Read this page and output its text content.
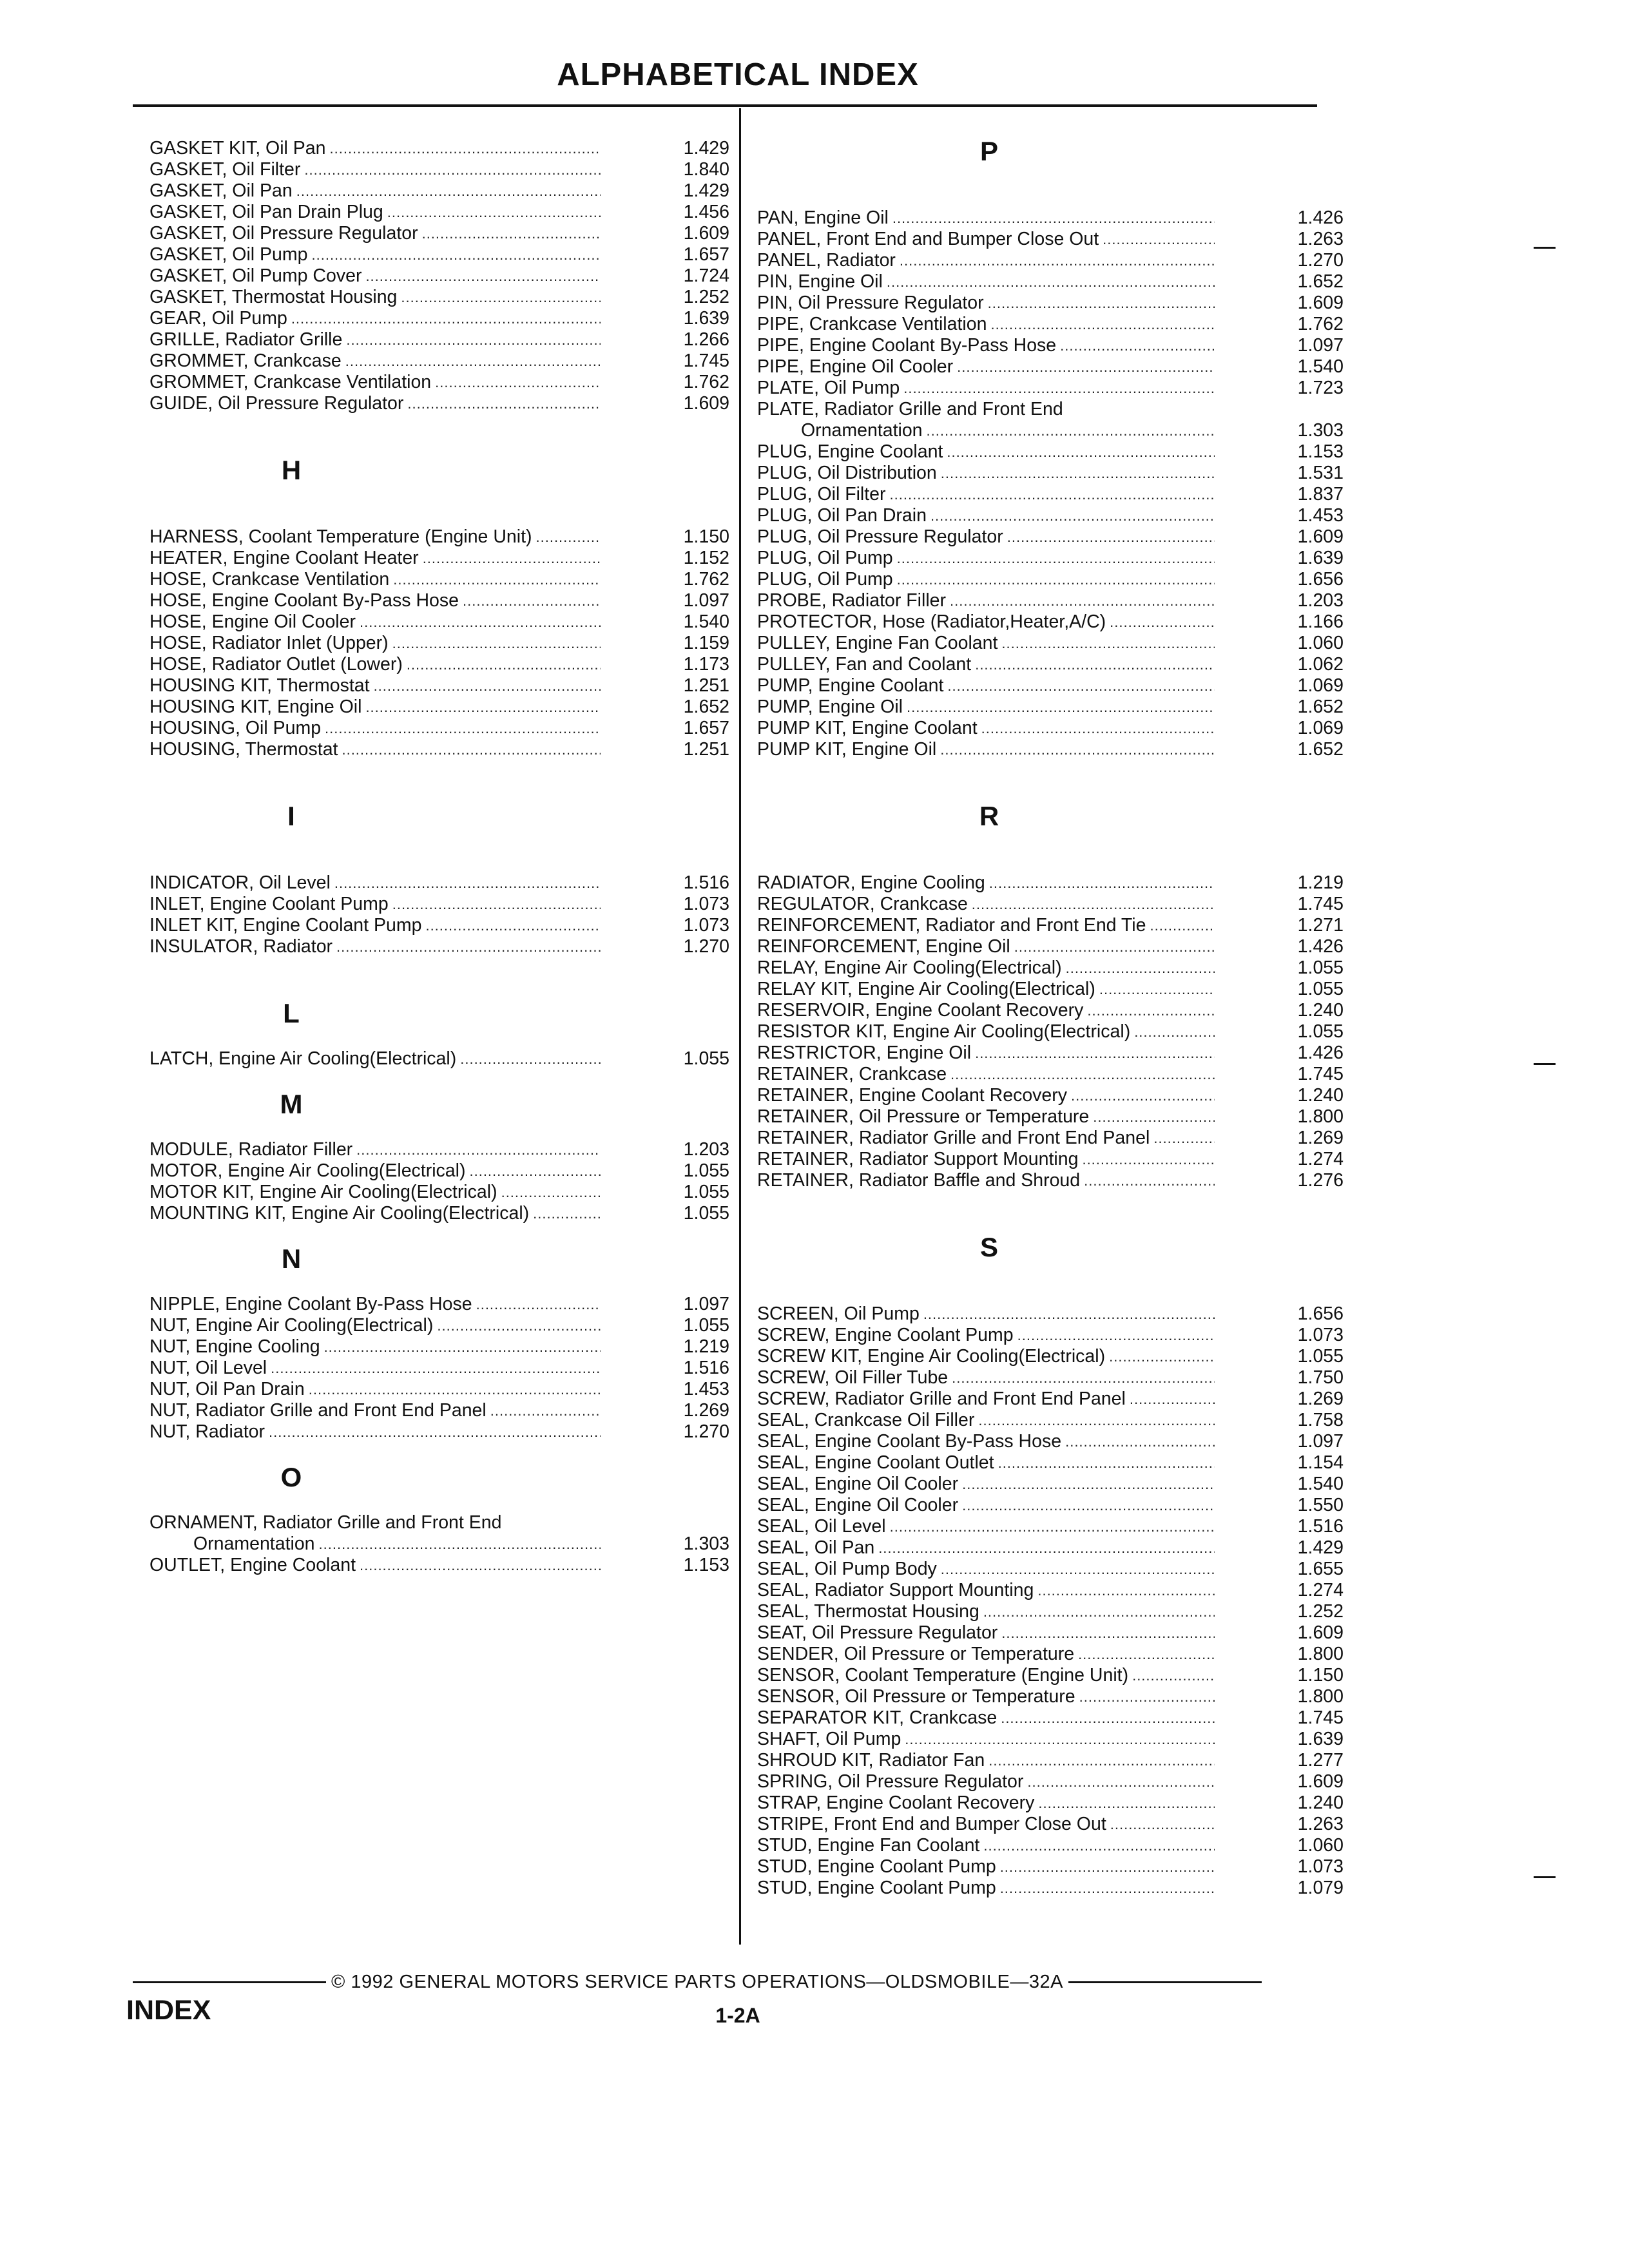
ALPHABETICAL INDEX
GASKET KIT, Oil Pan .....	1.429
GASKET, Oil Filter .....	1.840
GASKET, Oil Pan .....	1.429
GASKET, Oil Pan Drain Plug .....	1.456
GASKET, Oil Pressure Regulator .....	1.609
GASKET, Oil Pump .....	1.657
GASKET, Oil Pump Cover .....	1.724
GASKET, Thermostat Housing .....	1.252
GEAR, Oil Pump .....	1.639
GRILLE, Radiator Grille .....	1.266
GROMMET, Crankcase .....	1.745
GROMMET, Crankcase Ventilation .....	1.762
GUIDE, Oil Pressure Regulator .....	1.609
H
HARNESS, Coolant Temperature (Engine Unit) .....	1.150
HEATER, Engine Coolant Heater .....	1.152
HOSE, Crankcase Ventilation .....	1.762
HOSE, Engine Coolant By-Pass Hose .....	1.097
HOSE, Engine Oil Cooler .....	1.540
HOSE, Radiator Inlet (Upper) .....	1.159
HOSE, Radiator Outlet (Lower) .....	1.173
HOUSING KIT, Thermostat .....	1.251
HOUSING KIT, Engine Oil .....	1.652
HOUSING, Oil Pump .....	1.657
HOUSING, Thermostat .....	1.251
I
INDICATOR, Oil Level .....	1.516
INLET, Engine Coolant Pump .....	1.073
INLET KIT, Engine Coolant Pump .....	1.073
INSULATOR, Radiator .....	1.270
L
LATCH, Engine Air Cooling(Electrical) .....	1.055
M
MODULE, Radiator Filler .....	1.203
MOTOR, Engine Air Cooling(Electrical) .....	1.055
MOTOR KIT, Engine Air Cooling(Electrical) .....	1.055
MOUNTING KIT, Engine Air Cooling(Electrical) .....	1.055
N
NIPPLE, Engine Coolant By-Pass Hose .....	1.097
NUT, Engine Air Cooling(Electrical) .....	1.055
NUT, Engine Cooling .....	1.219
NUT, Oil Level .....	1.516
NUT, Oil Pan Drain .....	1.453
NUT, Radiator Grille and Front End Panel .....	1.269
NUT, Radiator .....	1.270
O
ORNAMENT, Radiator Grille and Front End
Ornamentation .....	1.303
OUTLET, Engine Coolant .....	1.153
P
PAN, Engine Oil .....	1.426
PANEL, Front End and Bumper Close Out .....	1.263
PANEL, Radiator .....	1.270
PIN, Engine Oil .....	1.652
PIN, Oil Pressure Regulator .....	1.609
PIPE, Crankcase Ventilation .....	1.762
PIPE, Engine Coolant By-Pass Hose .....	1.097
PIPE, Engine Oil Cooler .....	1.540
PLATE, Oil Pump .....	1.723
PLATE, Radiator Grille and Front End
Ornamentation .....	1.303
PLUG, Engine Coolant .....	1.153
PLUG, Oil Distribution .....	1.531
PLUG, Oil Filter .....	1.837
PLUG, Oil Pan Drain .....	1.453
PLUG, Oil Pressure Regulator .....	1.609
PLUG, Oil Pump .....	1.639
PLUG, Oil Pump .....	1.656
PROBE, Radiator Filler .....	1.203
PROTECTOR, Hose (Radiator,Heater,A/C) .....	1.166
PULLEY, Engine Fan Coolant .....	1.060
PULLEY, Fan and Coolant .....	1.062
PUMP, Engine Coolant .....	1.069
PUMP, Engine Oil .....	1.652
PUMP KIT, Engine Coolant .....	1.069
PUMP KIT, Engine Oil .....	1.652
R
RADIATOR, Engine Cooling .....	1.219
REGULATOR, Crankcase .....	1.745
REINFORCEMENT, Radiator and Front End Tie .....	1.271
REINFORCEMENT, Engine Oil .....	1.426
RELAY, Engine Air Cooling(Electrical) .....	1.055
RELAY KIT, Engine Air Cooling(Electrical) .....	1.055
RESERVOIR, Engine Coolant Recovery .....	1.240
RESISTOR KIT, Engine Air Cooling(Electrical) .....	1.055
RESTRICTOR, Engine Oil .....	1.426
RETAINER, Crankcase .....	1.745
RETAINER, Engine Coolant Recovery .....	1.240
RETAINER, Oil Pressure or Temperature .....	1.800
RETAINER, Radiator Grille and Front End Panel .....	1.269
RETAINER, Radiator Support Mounting .....	1.274
RETAINER, Radiator Baffle and Shroud .....	1.276
S
SCREEN, Oil Pump .....	1.656
SCREW, Engine Coolant Pump .....	1.073
SCREW KIT, Engine Air Cooling(Electrical) .....	1.055
SCREW, Oil Filler Tube .....	1.750
SCREW, Radiator Grille and Front End Panel .....	1.269
SEAL, Crankcase Oil Filler .....	1.758
SEAL, Engine Coolant By-Pass Hose .....	1.097
SEAL, Engine Coolant Outlet .....	1.154
SEAL, Engine Oil Cooler .....	1.540
SEAL, Engine Oil Cooler .....	1.550
SEAL, Oil Level .....	1.516
SEAL, Oil Pan .....	1.429
SEAL, Oil Pump Body .....	1.655
SEAL, Radiator Support Mounting .....	1.274
SEAL, Thermostat Housing .....	1.252
SEAT, Oil Pressure Regulator .....	1.609
SENDER, Oil Pressure or Temperature .....	1.800
SENSOR, Coolant Temperature (Engine Unit) .....	1.150
SENSOR, Oil Pressure or Temperature .....	1.800
SEPARATOR KIT, Crankcase .....	1.745
SHAFT, Oil Pump .....	1.639
SHROUD KIT, Radiator Fan .....	1.277
SPRING, Oil Pressure Regulator .....	1.609
STRAP, Engine Coolant Recovery .....	1.240
STRIPE, Front End and Bumper Close Out .....	1.263
STUD, Engine Fan Coolant .....	1.060
STUD, Engine Coolant Pump .....	1.073
STUD, Engine Coolant Pump .....	1.079
© 1992 GENERAL MOTORS SERVICE PARTS OPERATIONS—OLDSMOBILE—32A
INDEX	1-2A
